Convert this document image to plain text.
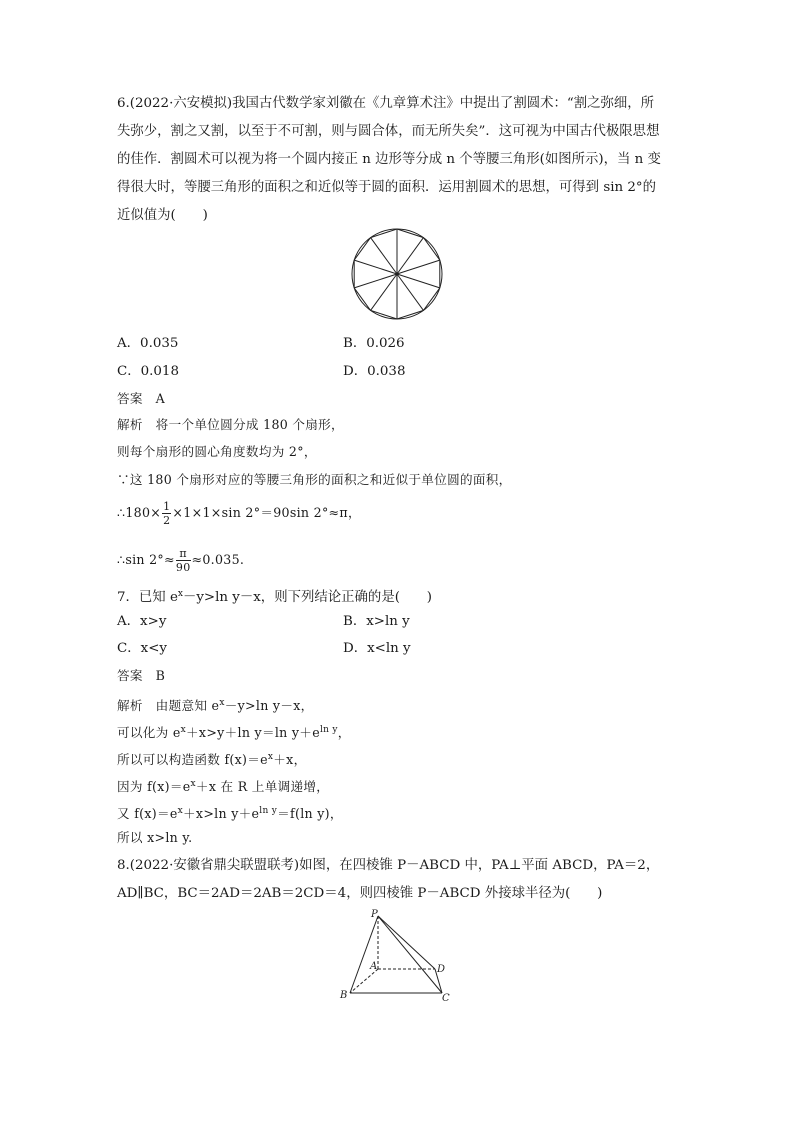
6.(2022·六安模拟)我国古代数学家刘徽在《九章算术注》中提出了割圆术：“割之弥细，所
失弥少，割之又割，以至于不可割，则与圆合体，而无所失矣”．这可视为中国古代极限思想
的佳作．割圆术可以视为将一个圆内接正 n 边形等分成 n 个等腰三角形(如图所示)，当 n 变
得很大时，等腰三角形的面积之和近似等于圆的面积．运用割圆术的思想，可得到 sin 2°的
近似值为(　　)
A．0.035	B．0.026
C．0.018	D．0.038
答案　A
解析　将一个单位圆分成 180 个扇形，
则每个扇形的圆心角度数均为 2°，
∵这 180 个扇形对应的等腰三角形的面积之和近似于单位圆的面积，
∴180× $\frac{1}{2} \times 1\times 1\times\sin$ 2°＝90sin 2°≈π，
∴sin $2^\circ\approx \frac{\pi}{90} \approx 0.035$.
7．已知 $e^x-y>\ln$ y－x，则下列结论正确的是(　　)
A．x>y	B．x>ln y
C．x<y	D．x<ln y
答案　B
解析　由题意知 $e^x-y>\ln$ y－x，
可以化为 $e^x+x>y+\ln$ y＝ln $y+e^{ln y}$，
所以可以构造函数 $f(x)=e^x+x$，
因为 $f(x)=e^x+x$ 在 R 上单调递增，
又 $f(x)=e^x+x>\ln$ $y+e^{ln y}=f(\ln$ y)，
所以 x>ln y.
8.(2022·安徽省鼎尖联盟联考)如图，在四棱锥 P－ABCD 中，PA⊥平面 ABCD，PA＝2，
AD∥BC，BC＝2AD＝2AB＝2CD＝4，则四棱锥 P－ABCD 外接球半径为(　　)
P
A
B	C
D
